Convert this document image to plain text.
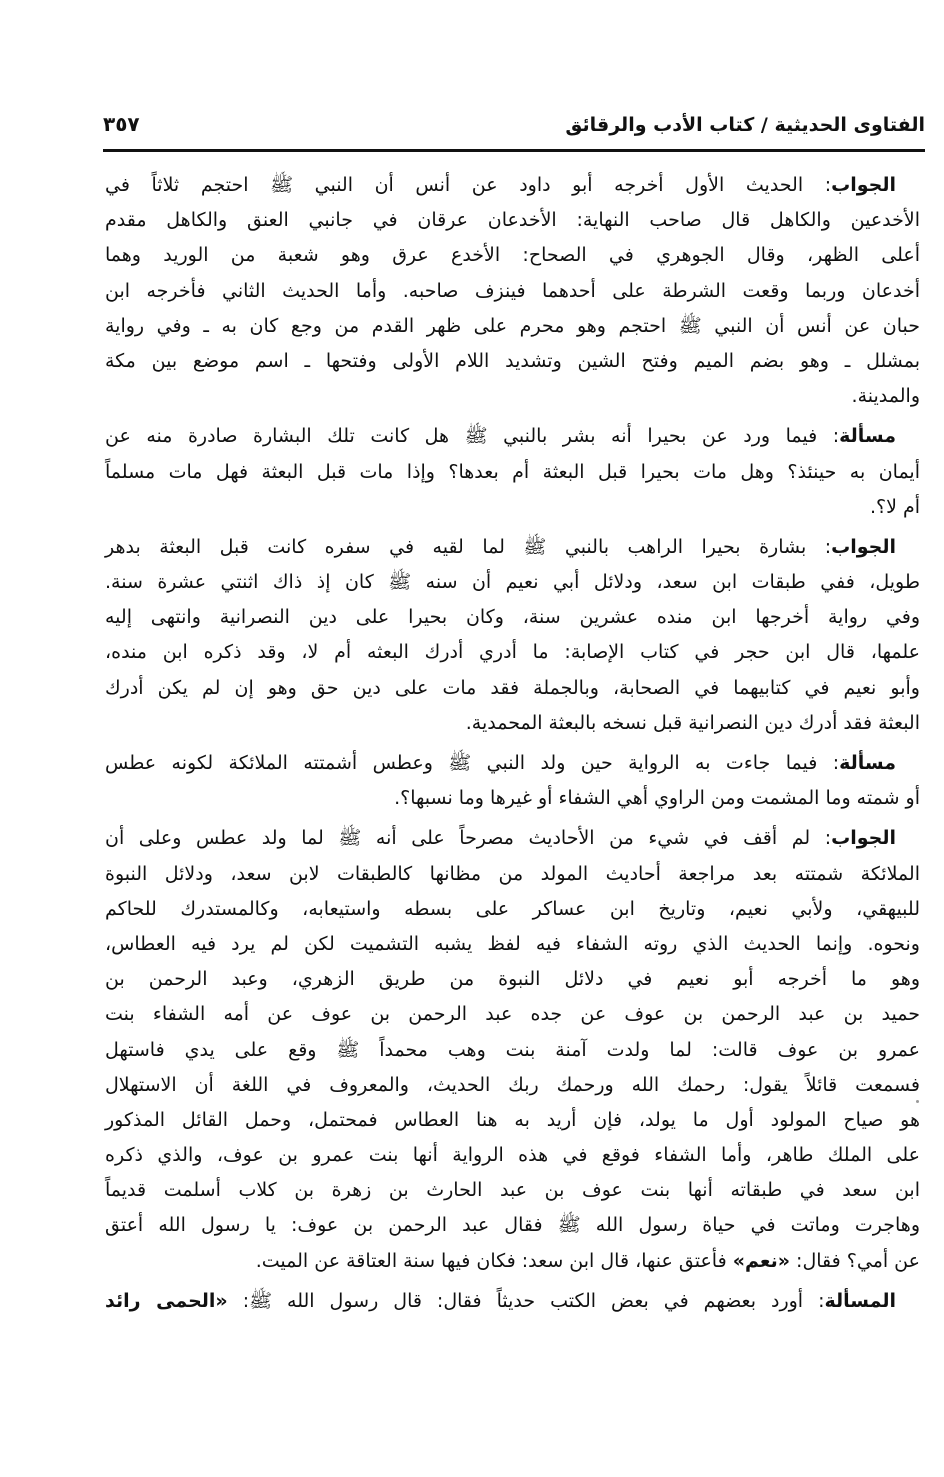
الفتاوى الحديثية / كتاب الأدب والرقائق
٣٥٧
الجواب: الحديث الأول أخرجه أبو داود عن أنس أن النبي ﷺ احتجم ثلاثاً في
الأخدعين والكاهل قال صاحب النهاية: الأخدعان عرقان في جانبي العنق والكاهل مقدم
أعلى الظهر، وقال الجوهري في الصحاح: الأخدع عرق وهو شعبة من الوريد وهما
أخدعان وربما وقعت الشرطة على أحدهما فينزف صاحبه. وأما الحديث الثاني فأخرجه ابن
حبان عن أنس أن النبي ﷺ احتجم وهو محرم على ظهر القدم من وجع كان به ـ وفي رواية
بمشلل ـ وهو بضم الميم وفتح الشين وتشديد اللام الأولى وفتحها ـ اسم موضع بين مكة
والمدينة.
مسألة: فيما ورد عن بحيرا أنه بشر بالنبي ﷺ هل كانت تلك البشارة صادرة منه عن
أيمان به حينئذ؟ وهل مات بحيرا قبل البعثة أم بعدها؟ وإذا مات قبل البعثة فهل مات مسلماً
أم لا؟.
الجواب: بشارة بحيرا الراهب بالنبي ﷺ لما لقيه في سفره كانت قبل البعثة بدهر
طويل، ففي طبقات ابن سعد، ودلائل أبي نعيم أن سنه ﷺ كان إذ ذاك اثنتي عشرة سنة.
وفي رواية أخرجها ابن منده عشرين سنة، وكان بحيرا على دين النصرانية وانتهى إليه
علمها، قال ابن حجر في كتاب الإصابة: ما أدري أدرك البعثه أم لا، وقد ذكره ابن منده،
وأبو نعيم في كتابيهما في الصحابة، وبالجملة فقد مات على دين حق وهو إن لم يكن أدرك
البعثة فقد أدرك دين النصرانية قبل نسخه بالبعثة المحمدية.
مسألة: فيما جاءت به الرواية حين ولد النبي ﷺ وعطس أشمتته الملائكة لكونه عطس
أو شمته وما المشمت ومن الراوي أهي الشفاء أو غيرها وما نسبها؟.
الجواب: لم أقف في شيء من الأحاديث مصرحاً على أنه ﷺ لما ولد عطس وعلى أن
الملائكة شمتته بعد مراجعة أحاديث المولد من مظانها كالطبقات لابن سعد، ودلائل النبوة
للبيهقي، ولأبي نعيم، وتاريخ ابن عساكر على بسطه واستيعابه، وكالمستدرك للحاكم
ونحوه. وإنما الحديث الذي روته الشفاء فيه لفظ يشبه التشميت لكن لم يرد فيه العطاس،
وهو ما أخرجه أبو نعيم في دلائل النبوة من طريق الزهري، وعبد الرحمن بن
حميد بن عبد الرحمن بن عوف عن جده عبد الرحمن بن عوف عن أمه الشفاء بنت
عمرو بن عوف قالت: لما ولدت آمنة بنت وهب محمداً ﷺ وقع على يدي فاستهل
فسمعت قائلاً يقول: رحمك الله ورحمك ربك الحديث، والمعروف في اللغة أن الاستهلال
هو صياح المولود أول ما يولد، فإن أريد به هنا العطاس فمحتمل، وحمل القائل المذكور
على الملك طاهر، وأما الشفاء فوقع في هذه الرواية أنها بنت عمرو بن عوف، والذي ذكره
ابن سعد في طبقاته أنها بنت عوف بن عبد الحارث بن زهرة بن كلاب أسلمت قديماً
وهاجرت وماتت في حياة رسول الله ﷺ فقال عبد الرحمن بن عوف: يا رسول الله أعتق
عن أمي؟ فقال: «نعم» فأعتق عنها، قال ابن سعد: فكان فيها سنة العتاقة عن الميت.
المسألة: أورد بعضهم في بعض الكتب حديثاً فقال: قال رسول الله ﷺ: «الحمى رائد
